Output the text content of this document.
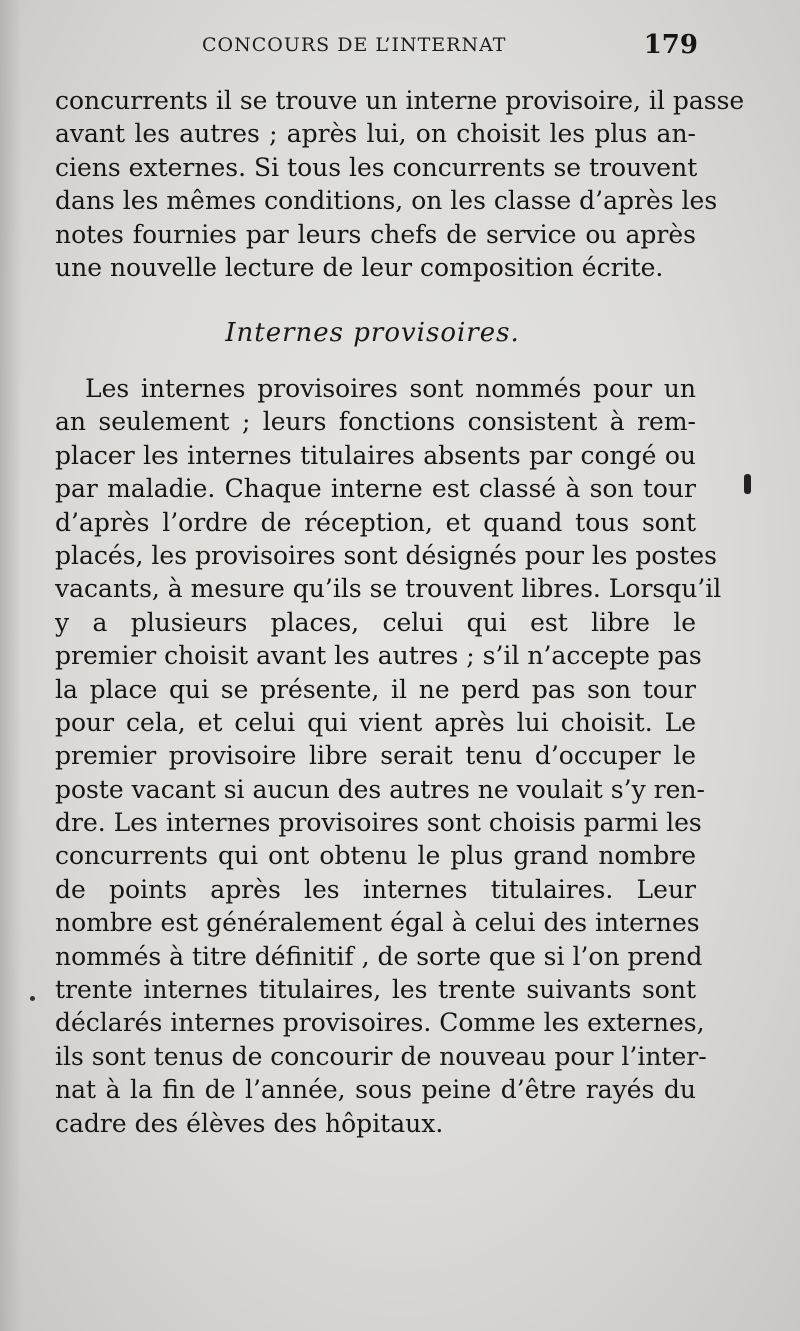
CONCOURS DE L’INTERNAT	179
concurrents il se trouve un interne provisoire, il passe
avant les autres ; après lui, on choisit les plus an-
ciens externes. Si tous les concurrents se trouvent
dans les mêmes conditions, on les classe d’après les
notes fournies par leurs chefs de service ou après
une nouvelle lecture de leur composition écrite.
Internes provisoires.
Les internes provisoires sont nommés pour un
an seulement ; leurs fonctions consistent à rem-
placer les internes titulaires absents par congé ou
par maladie. Chaque interne est classé à son tour
d’après l’ordre de réception, et quand tous sont
placés, les provisoires sont désignés pour les postes
vacants, à mesure qu’ils se trouvent libres. Lorsqu’il
y a plusieurs places, celui qui est libre le
premier choisit avant les autres ; s’il n’accepte pas
la place qui se présente, il ne perd pas son tour
pour cela, et celui qui vient après lui choisit. Le
premier provisoire libre serait tenu d’occuper le
poste vacant si aucun des autres ne voulait s’y ren-
dre. Les internes provisoires sont choisis parmi les
concurrents qui ont obtenu le plus grand nombre
de points après les internes titulaires. Leur
nombre est généralement égal à celui des internes
nommés à titre définitif , de sorte que si l’on prend
trente internes titulaires, les trente suivants sont
déclarés internes provisoires. Comme les externes,
ils sont tenus de concourir de nouveau pour l’inter-
nat à la fin de l’année, sous peine d’être rayés du
cadre des élèves des hôpitaux.
